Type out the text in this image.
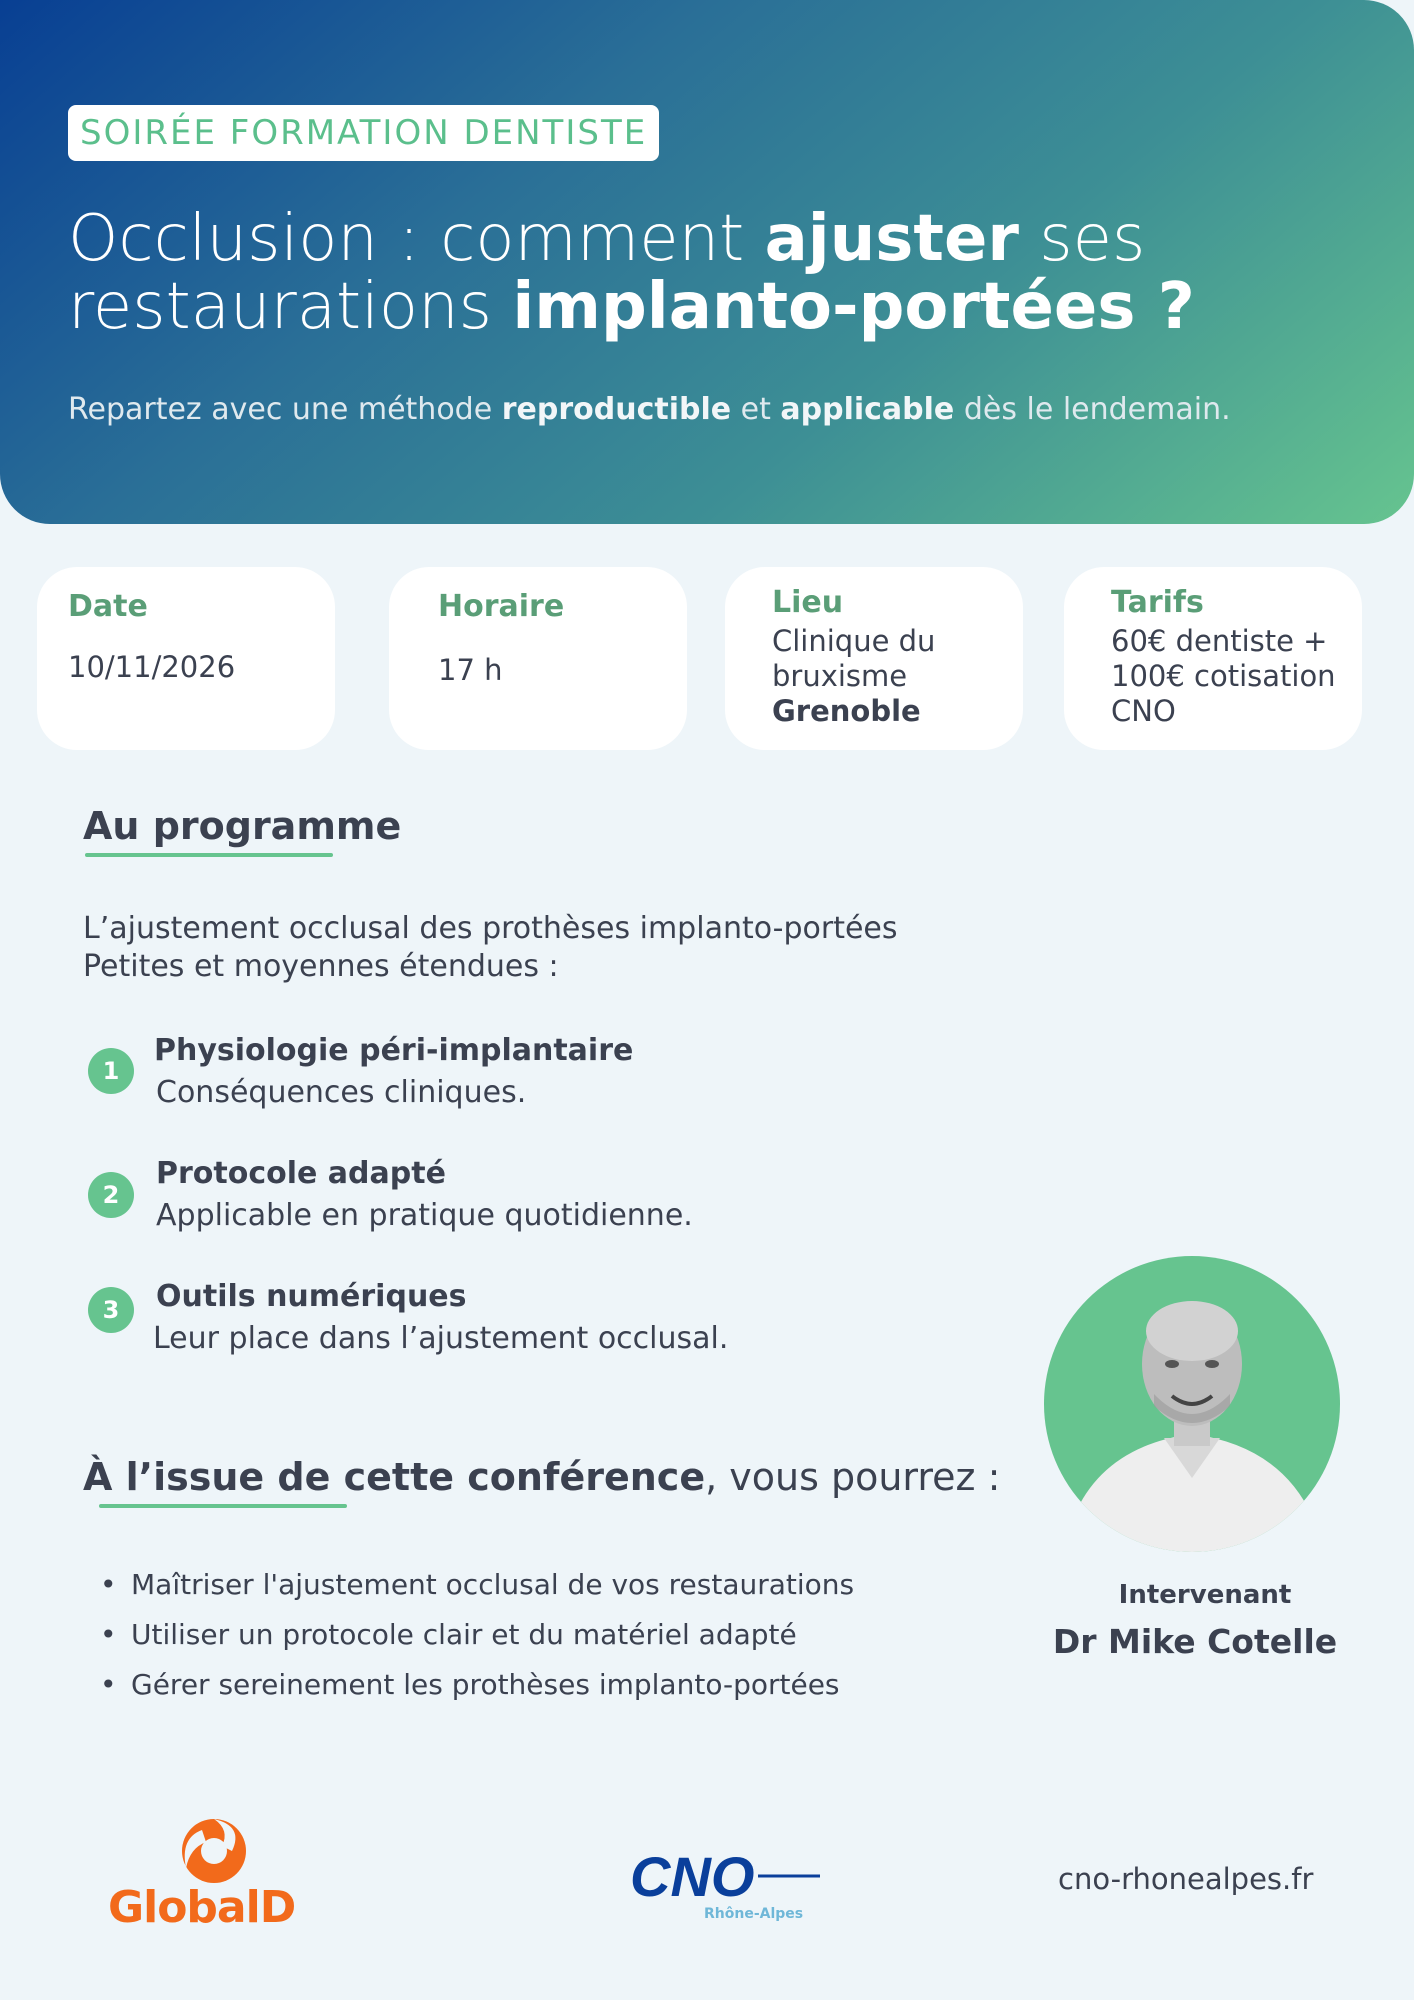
SOIRÉE FORMATION DENTISTE
Occlusion : comment ajuster ses
restaurations implanto-portées ?
Repartez avec une méthode reproductible et applicable dès le lendemain.
Date
10/11/2026
Horaire
17 h
Lieu
Clinique du
bruxisme
Grenoble
Tarifs
60€ dentiste +
100€ cotisation
CNO
Au programme
L’ajustement occlusal des prothèses implanto-portées
Petites et moyennes étendues :
1
Physiologie péri-implantaire
Conséquences cliniques.
2
Protocole adapté
Applicable en pratique quotidienne.
3	Outils numériques
Leur place dans l’ajustement occlusal.
À l’issue de cette conférence, vous pourrez :
• Maîtriser l'ajustement occlusal de vos restaurations
• Utiliser un protocole clair et du matériel adapté
• Gérer sereinement les prothèses implanto-portées
Intervenant
Dr Mike Cotelle
GlobalD	CNO
Rhône-Alpes
cno-rhonealpes.fr
